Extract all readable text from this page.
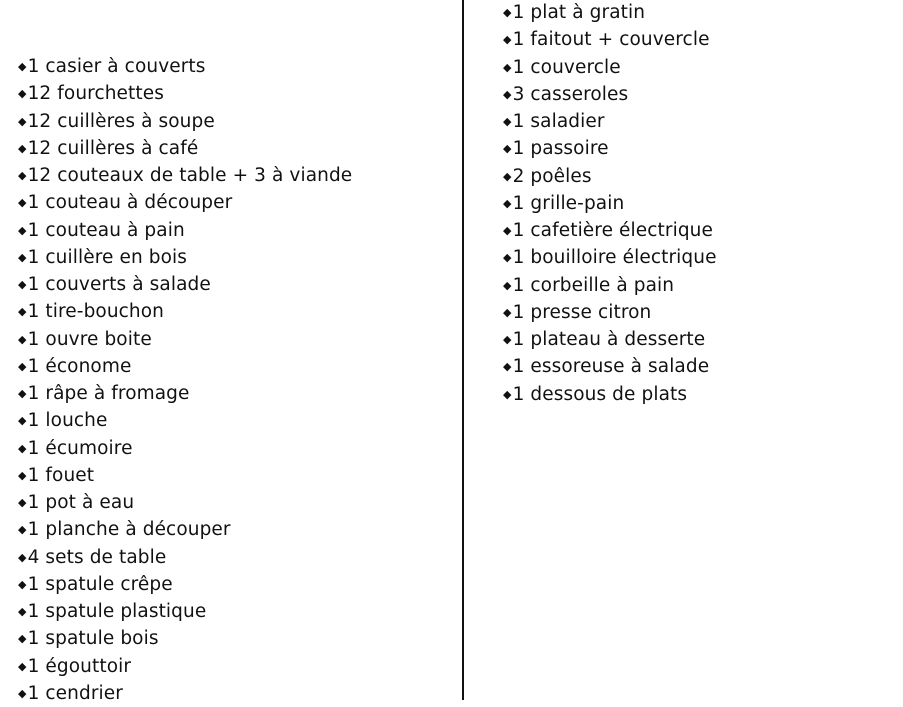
◆1 casier à couverts
◆12 fourchettes
◆12 cuillères à soupe
◆12 cuillères à café
◆12 couteaux de table + 3 à viande
◆1 couteau à découper
◆1 couteau à pain
◆1 cuillère en bois
◆1 couverts à salade
◆1 tire-bouchon
◆1 ouvre boite
◆1 économe
◆1 râpe à fromage
◆1 louche
◆1 écumoire
◆1 fouet
◆1 pot à eau
◆1 planche à découper
◆4 sets de table
◆1 spatule crêpe
◆1 spatule plastique
◆1 spatule bois
◆1 égouttoir
◆1 cendrier
◆1 plat à gratin
◆1 faitout + couvercle
◆1 couvercle
◆3 casseroles
◆1 saladier
◆1 passoire
◆2 poêles
◆1 grille-pain
◆1 cafetière électrique
◆1 bouilloire électrique
◆1 corbeille à pain
◆1 presse citron
◆1 plateau à desserte
◆1 essoreuse à salade
◆1 dessous de plats
